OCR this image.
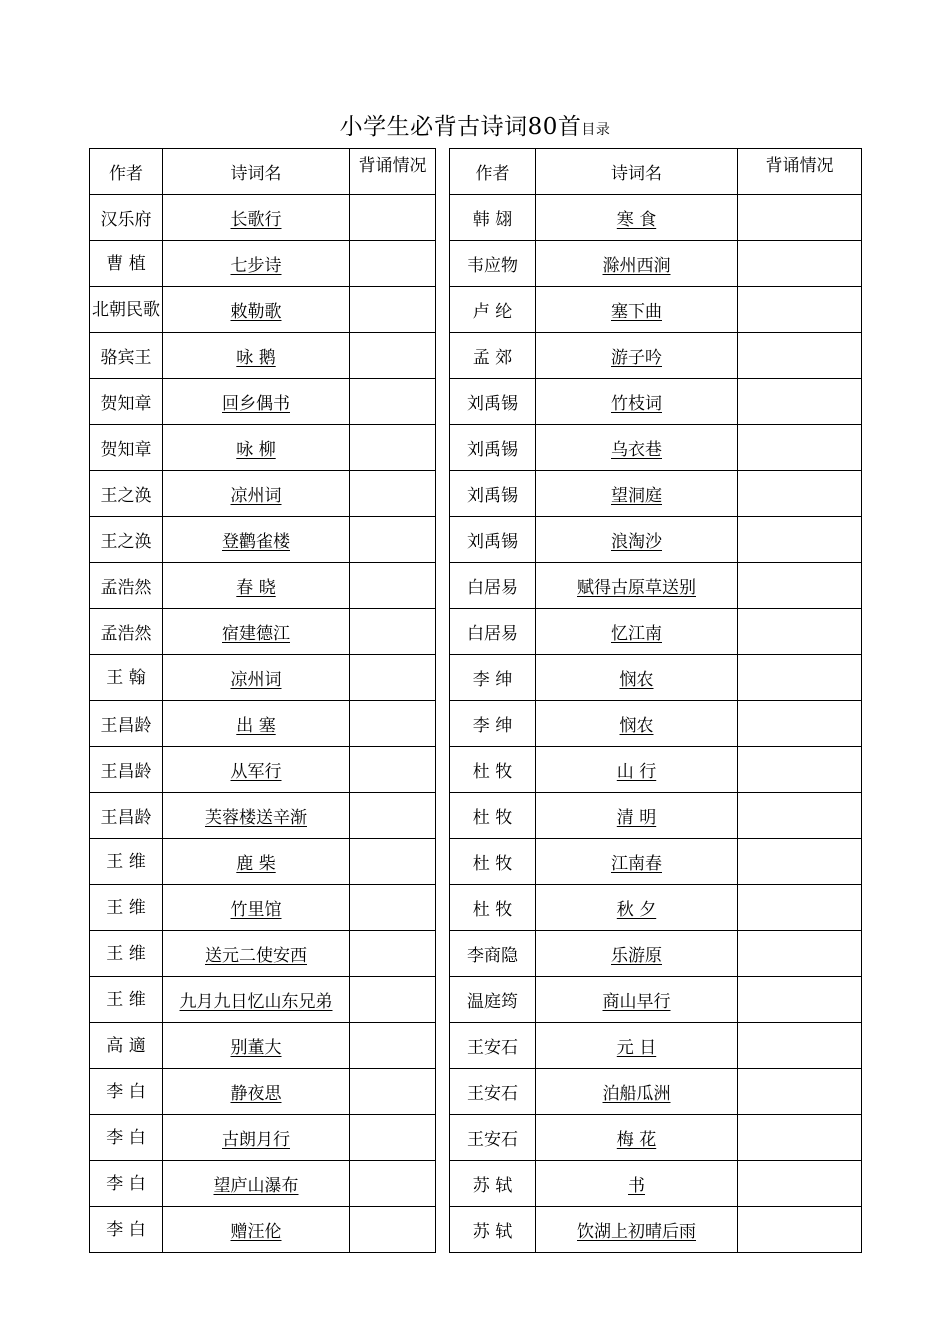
小学生必背古诗词80首目录
作者	诗词名	背诵情况		作者	诗词名	背诵情况

汉乐府	长歌行			韩 翃	寒 食	
曹 植	七步诗			韦应物	滁州西涧	
北朝民歌	敕勒歌			卢 纶	塞下曲	
骆宾王	咏 鹅			孟 郊	游子吟	
贺知章	回乡偶书			刘禹锡	竹枝词	
贺知章	咏 柳			刘禹锡	乌衣巷	
王之涣	凉州词			刘禹锡	望洞庭	
王之涣	登鹳雀楼			刘禹锡	浪淘沙	
孟浩然	春 晓			白居易	赋得古原草送别	
孟浩然	宿建德江			白居易	忆江南	
王 翰	凉州词			李 绅	悯农	
王昌龄	出 塞			李 绅	悯农	
王昌龄	从军行			杜 牧	山 行	
王昌龄	芙蓉楼送辛渐			杜 牧	清 明	
王 维	鹿 柴			杜 牧	江南春	
王 维	竹里馆			杜 牧	秋 夕	
王 维	送元二使安西			李商隐	乐游原	
王 维	九月九日忆山东兄弟			温庭筠	商山早行	
高 適	别董大			王安石	元 日	
李 白	静夜思			王安石	泊船瓜洲	
李 白	古朗月行			王安石	梅 花	
李 白	望庐山瀑布			苏 轼	书	
李 白	赠汪伦			苏 轼	饮湖上初晴后雨	
